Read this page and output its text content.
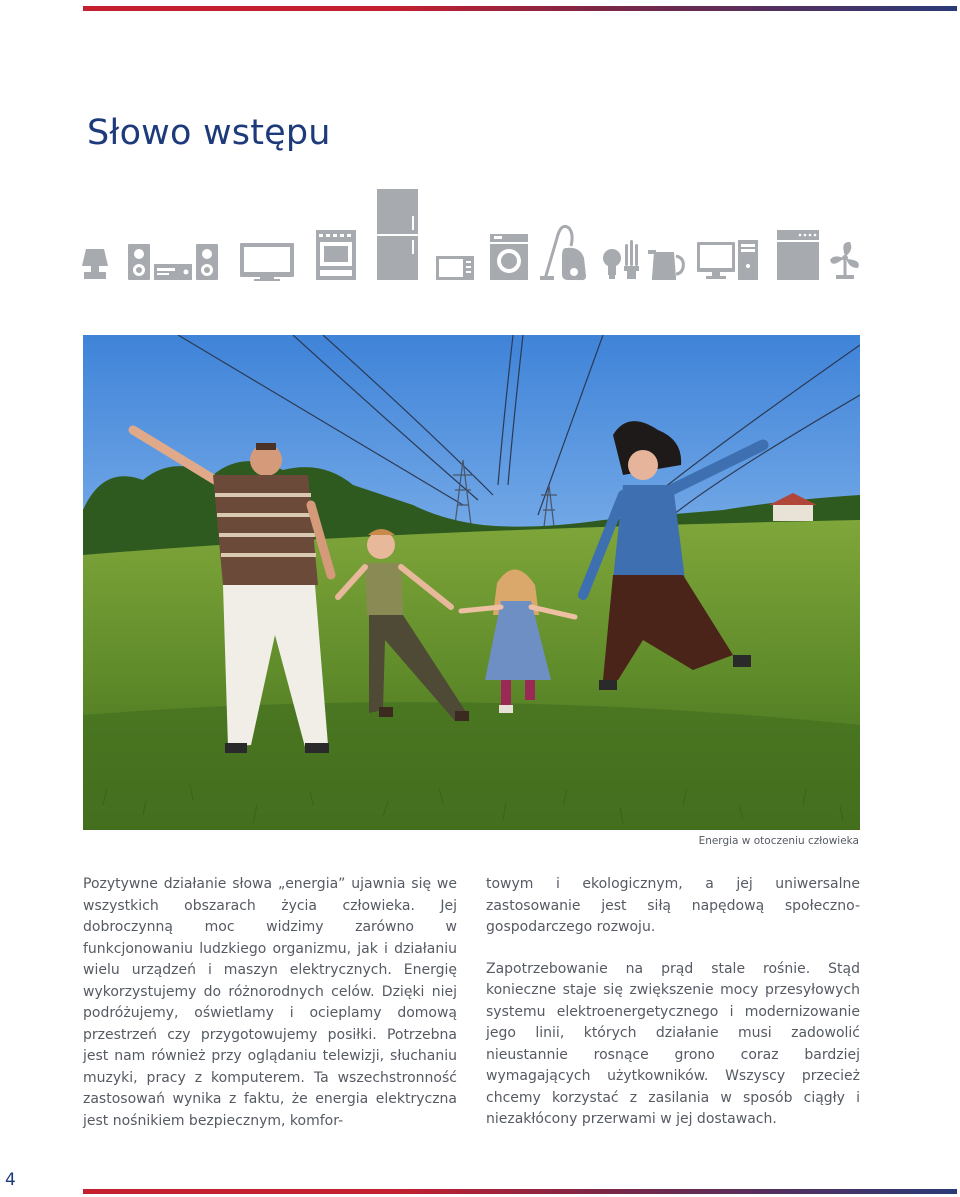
Słowo wstępu
Energia w otoczeniu człowieka

Pozytywne działanie słowa „energia” ujawnia się we wszystkich obszarach życia człowieka. Jej dobroczynną moc widzimy zarówno w funkcjonowaniu ludzkiego organizmu, jak i działaniu wielu urządzeń i maszyn elektrycznych. Energię wykorzystujemy do różnorodnych celów. Dzięki niej podróżujemy, oświetlamy i ocieplamy domową przestrzeń czy przygotowujemy posiłki. Potrzebna jest nam również przy oglądaniu telewizji, słuchaniu muzyki, pracy z komputerem. Ta wszechstronność zastosowań wynika z faktu, że energia elektryczna jest nośnikiem bezpiecznym, komfor-

towym i ekologicznym, a jej uniwersalne zastosowanie jest siłą napędową społeczno-gospodarczego rozwoju.

Zapotrzebowanie na prąd stale rośnie. Stąd konieczne staje się zwiększenie mocy przesyłowych systemu elektroenergetycznego i modernizowanie jego linii, których działanie musi zadowolić nieustannie rosnące grono coraz bardziej wymagających użytkowników. Wszyscy przecież chcemy korzystać z zasilania w sposób ciągły i niezakłócony przerwami w jej dostawach.

4
